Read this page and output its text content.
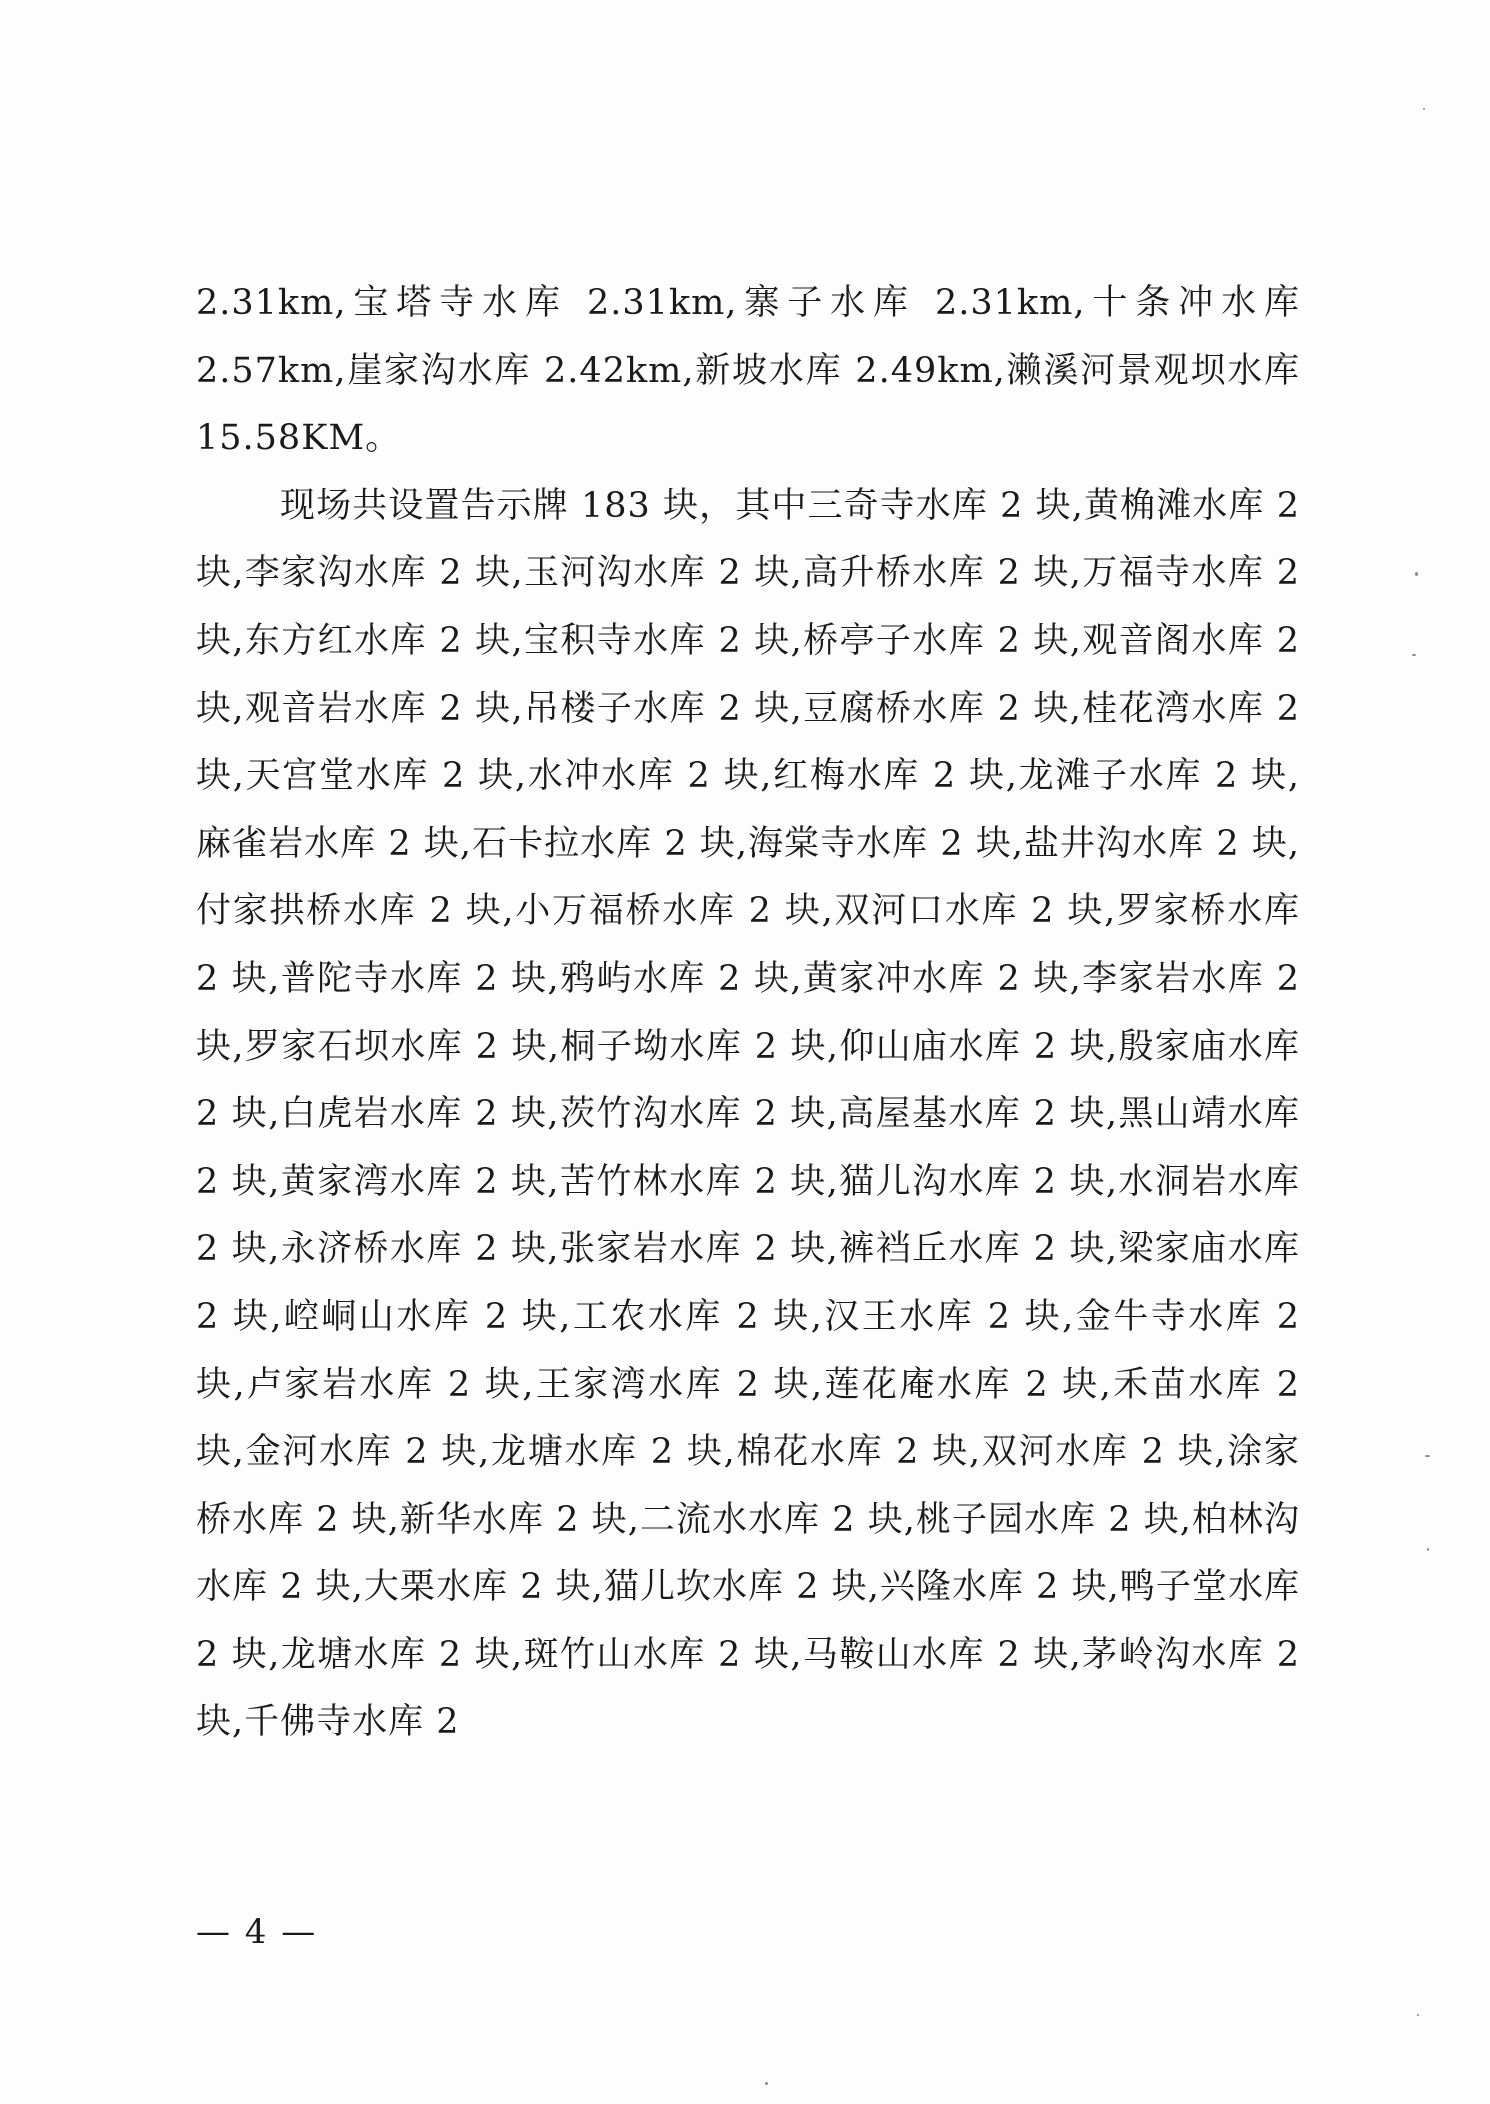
2.31km,宝塔寺水库 2.31km,寨子水库 2.31km,十条冲水库 2.57km,崖家沟水库 2.42km,新坡水库 2.49km,濑溪河景观坝水库15.58KM。

现场共设置告示牌 183 块，其中三奇寺水库 2 块,黄桷滩水库 2 块,李家沟水库 2 块,玉河沟水库 2 块,高升桥水库 2 块,万福寺水库 2 块,东方红水库 2 块,宝积寺水库 2 块,桥亭子水库 2 块,观音阁水库 2 块,观音岩水库 2 块,吊楼子水库 2 块,豆腐桥水库 2 块,桂花湾水库 2 块,天宫堂水库 2 块,水冲水库 2 块,红梅水库 2 块,龙滩子水库 2 块,麻雀岩水库 2 块,石卡拉水库 2 块,海棠寺水库 2 块,盐井沟水库 2 块,付家拱桥水库 2 块,小万福桥水库 2 块,双河口水库 2 块,罗家桥水库 2 块,普陀寺水库 2 块,鸦屿水库 2 块,黄家冲水库 2 块,李家岩水库 2 块,罗家石坝水库 2 块,桐子坳水库 2 块,仰山庙水库 2 块,殷家庙水库 2 块,白虎岩水库 2 块,茨竹沟水库 2 块,高屋基水库 2 块,黑山靖水库 2 块,黄家湾水库 2 块,苦竹林水库 2 块,猫儿沟水库 2 块,水洞岩水库 2 块,永济桥水库 2 块,张家岩水库 2 块,裤裆丘水库 2 块,梁家庙水库 2 块,崆峒山水库 2 块,工农水库 2 块,汉王水库 2 块,金牛寺水库 2 块,卢家岩水库 2 块,王家湾水库 2 块,莲花庵水库 2 块,禾苗水库 2 块,金河水库 2 块,龙塘水库 2 块,棉花水库 2 块,双河水库 2 块,涂家桥水库 2 块,新华水库 2 块,二流水水库 2 块,桃子园水库 2 块,柏林沟水库 2 块,大栗水库 2 块,猫儿坎水库 2 块,兴隆水库 2 块,鸭子堂水库 2 块,龙塘水库 2 块,斑竹山水库 2 块,马鞍山水库 2 块,茅岭沟水库 2 块,千佛寺水库 2

— 4 —
